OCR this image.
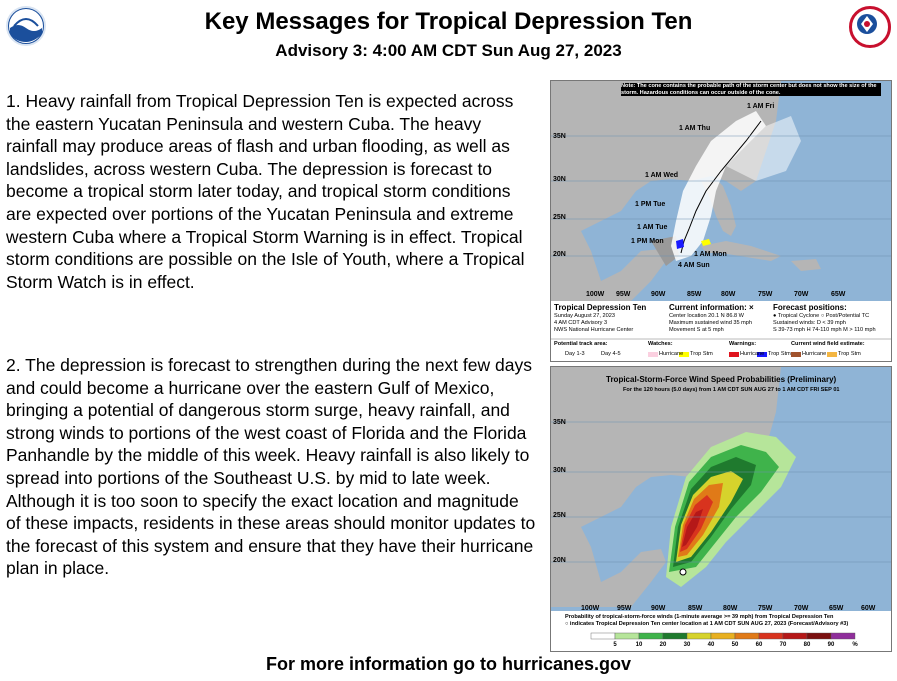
Key Messages for Tropical Depression Ten
Advisory 3: 4:00 AM CDT Sun Aug 27, 2023
1. Heavy rainfall from Tropical Depression Ten is expected across the eastern Yucatan Peninsula and western Cuba. The heavy rainfall may produce areas of flash and urban flooding, as well as landslides, across western Cuba. The depression is forecast to become a tropical storm later today, and tropical storm conditions are expected over portions of the Yucatan Peninsula and extreme western Cuba where a Tropical Storm Warning is in effect. Tropical storm conditions are possible on the Isle of Youth, where a Tropical Storm Watch is in effect.
2. The depression is forecast to strengthen during the next few days and could become a hurricane over the eastern Gulf of Mexico, bringing a potential of dangerous storm surge, heavy rainfall, and strong winds to portions of the west coast of Florida and the Florida Panhandle by the middle of this week. Heavy rainfall is also likely to spread into portions of the Southeast U.S. by mid to late week. Although it is too soon to specify the exact location and magnitude of these impacts, residents in these areas should monitor updates to the forecast of this system and ensure that they have their hurricane plan in place.
Note: The cone contains the probable path of the storm center but does not show the size of the storm. Hazardous conditions can occur outside of the cone.
1 AM Fri
1 AM Thu
1 AM Wed
1 PM Tue
1 AM Tue
1 PM Mon
1 AM Mon
4 AM Sun
35N
30N
25N
20N
100W 95W	90W	85W	80W	75W	70W	65W
Tropical Depression Ten
Sunday August 27, 2023
4 AM CDT Advisory 3
NWS National Hurricane Center
Current information: ×
Center location 20.1 N 86.8 W
Maximum sustained wind 35 mph
Movement S at 5 mph
Forecast positions:
● Tropical Cyclone ○ Post/Potential TC
Sustained winds: D < 39 mph
S 39-73 mph H 74-110 mph M > 110 mph
Potential track area:
Day 1-3	Day 4-5
Watches:
Hurricane Trop Stm
Warnings:
Hurricane Trop Stm
Current wind field estimate:
Hurricane Trop Stm
5	10	20	30	40	50	60	70	80	90	%
Tropical-Storm-Force Wind Speed Probabilities (Preliminary)
For the 120 hours (5.0 days) from 1 AM CDT SUN AUG 27 to 1 AM CDT FRI SEP 01
35N
30N
25N
20N
100W	95W	90W	85W	80W	75W	70W	65W	60W
Probability of tropical-storm-force winds (1-minute average >= 39 mph) from Tropical Depression Ten
○ indicates Tropical Depression Ten center location at 1 AM CDT SUN AUG 27, 2023 (Forecast/Advisory #3)
For more information go to hurricanes.gov
